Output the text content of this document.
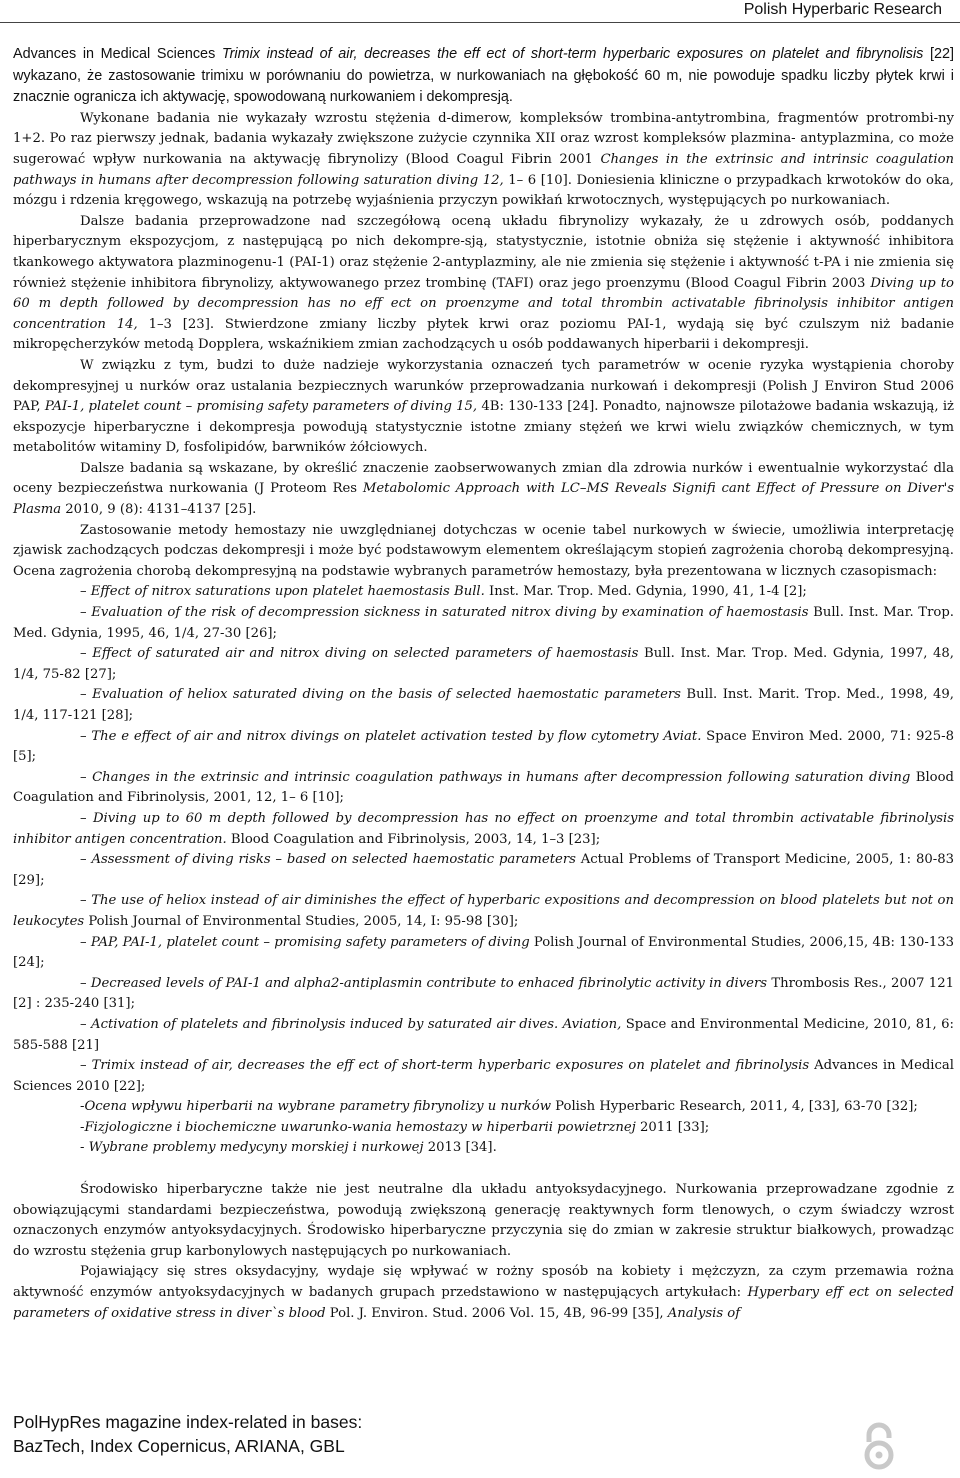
Polish Hyperbaric Research

Advances in Medical Sciences Trimix instead of air, decreases the eff ect of short-term hyperbaric exposures on platelet and fibrynolisis [22] wykazano, że zastosowanie trimixu w porównaniu do powietrza, w nurkowaniach na głębokość 60 m, nie powoduje spadku liczby płytek krwi i znacznie ogranicza ich aktywację, spowodowaną nurkowaniem i dekompresją.

Wykonane badania nie wykazały wzrostu stężenia d-dimerow, kompleksów trombina-antytrombina, fragmentów protrombi-ny 1+2. Po raz pierwszy jednak, badania wykazały zwiększone zużycie czynnika XII oraz wzrost kompleksów plazmina- antyplazmina, co może sugerować wpływ nurkowania na aktywację fibrynolizy (Blood Coagul Fibrin 2001 Changes in the extrinsic and intrinsic coagulation pathways in humans after decompression following saturation diving 12, 1– 6 [10]. Doniesienia kliniczne o przypadkach krwotoków do oka, mózgu i rdzenia kręgowego, wskazują na potrzebę wyjaśnienia przyczyn powikłań krwotocznych, występujących po nurkowaniach.

Dalsze badania przeprowadzone nad szczegółową oceną układu fibrynolizy wykazały, że u zdrowych osób, poddanych hiperbarycznym ekspozycjom, z następującą po nich dekompre-sją, statystycznie, istotnie obniża się stężenie i aktywność inhibitora tkankowego aktywatora plazminogenu-1 (PAI-1) oraz stężenie 2-antyplazminy, ale nie zmienia się stężenie i aktywność t-PA i nie zmienia się również stężenie inhibitora fibrynolizy, aktywowanego przez trombinę (TAFI) oraz jego proenzymu (Blood Coagul Fibrin 2003 Diving up to 60 m depth followed by decompression has no eff ect on proenzyme and total thrombin activatable fibrinolysis inhibitor antigen concentration 14, 1–3 [23]. Stwierdzone zmiany liczby płytek krwi oraz poziomu PAI-1, wydają się być czulszym niż badanie mikropęcherzyków metodą Dopplera, wskaźnikiem zmian zachodzących u osób poddawanych hiperbarii i dekompresji.

W związku z tym, budzi to duże nadzieje wykorzystania oznaczeń tych parametrów w ocenie ryzyka wystąpienia choroby dekompresyjnej u nurków oraz ustalania bezpiecznych warunków przeprowadzania nurkowań i dekompresji (Polish J Environ Stud 2006 PAP, PAI-1, platelet count – promising safety parameters of diving 15, 4B: 130-133 [24]. Ponadto, najnowsze pilotażowe badania wskazują, iż ekspozycje hiperbaryczne i dekompresja powodują statystycznie istotne zmiany stężeń we krwi wielu związków chemicznych, w tym metabolitów witaminy D, fosfolipidów, barwników żółciowych.

Dalsze badania są wskazane, by określić znaczenie zaobserwowanych zmian dla zdrowia nurków i ewentualnie wykorzystać dla oceny bezpieczeństwa nurkowania (J Proteom Res Metabolomic Approach with LC–MS Reveals Signifi cant Effect of Pressure on Diver's Plasma 2010, 9 (8): 4131–4137 [25].

Zastosowanie metody hemostazy nie uwzględnianej dotychczas w ocenie tabel nurkowych w świecie, umożliwia interpretację zjawisk zachodzących podczas dekompresji i może być podstawowym elementem określającym stopień zagrożenia chorobą dekompresyjną. Ocena zagrożenia chorobą dekompresyjną na podstawie wybranych parametrów hemostazy, była prezentowana w licznych czasopismach:

– Effect of nitrox saturations upon platelet haemostasis Bull. Inst. Mar. Trop. Med. Gdynia, 1990, 41, 1-4 [2];

– Evaluation of the risk of decompression sickness in saturated nitrox diving by examination of haemostasis Bull. Inst. Mar. Trop. Med. Gdynia, 1995, 46, 1/4, 27-30 [26];

– Effect of saturated air and nitrox diving on selected parameters of haemostasis Bull. Inst. Mar. Trop. Med. Gdynia, 1997, 48, 1/4, 75-82 [27];

– Evaluation of heliox saturated diving on the basis of selected haemostatic parameters Bull. Inst. Marit. Trop. Med., 1998, 49, 1/4, 117-121 [28];

– The e effect of air and nitrox divings on platelet activation tested by flow cytometry Aviat. Space Environ Med. 2000, 71: 925-8 [5];

– Changes in the extrinsic and intrinsic coagulation pathways in humans after decompression following saturation diving Blood Coagulation and Fibrinolysis, 2001, 12, 1– 6 [10];

– Diving up to 60 m depth followed by decompression has no effect on proenzyme and total thrombin activatable fibrinolysis inhibitor antigen concentration. Blood Coagulation and Fibrinolysis, 2003, 14, 1–3 [23];

– Assessment of diving risks – based on selected haemostatic parameters Actual Problems of Transport Medicine, 2005, 1: 80-83 [29];

– The use of heliox instead of air diminishes the effect of hyperbaric expositions and decompression on blood platelets but not on leukocytes Polish Journal of Environmental Studies, 2005, 14, I: 95-98 [30];

– PAP, PAI-1, platelet count – promising safety parameters of diving Polish Journal of Environmental Studies, 2006,15, 4B: 130-133 [24];

– Decreased levels of PAI-1 and alpha2-antiplasmin contribute to enhaced fibrinolytic activity in divers Thrombosis Res., 2007 121 [2] : 235-240 [31];

– Activation of platelets and fibrinolysis induced by saturated air dives. Aviation, Space and Environmental Medicine, 2010, 81, 6: 585-588 [21]

– Trimix instead of air, decreases the eff ect of short-term hyperbaric exposures on platelet and fibrinolysis Advances in Medical Sciences 2010 [22];

-Ocena wpływu hiperbarii na wybrane parametry fibrynolizy u nurków Polish Hyperbaric Research, 2011, 4, [33], 63-70 [32];

-Fizjologiczne i biochemiczne uwarunko-wania hemostazy w hiperbarii powietrznej 2011 [33];

- Wybrane problemy medycyny morskiej i nurkowej 2013 [34].

Środowisko hiperbaryczne także nie jest neutralne dla układu antyoksydacyjnego. Nurkowania przeprowadzane zgodnie z obowiązującymi standardami bezpieczeństwa, powodują zwiększoną generację reaktywnych form tlenowych, o czym świadczy wzrost oznaczonych enzymów antyoksydacyjnych. Środowisko hiperbaryczne przyczynia się do zmian w zakresie struktur białkowych, prowadząc do wzrostu stężenia grup karbonylowych następujących po nurkowaniach.

Pojawiający się stres oksydacyjny, wydaje się wpływać w rożny sposób na kobiety i mężczyzn, za czym przemawia rożna aktywność enzymów antyoksydacyjnych w badanych grupach przedstawiono w następujących artykułach: Hyperbary eff ect on selected parameters of oxidative stress in diver`s blood Pol. J. Environ. Stud. 2006 Vol. 15, 4B, 96-99 [35], Analysis of

PolHypRes magazine index-related in bases:
BazTech, Index Copernicus, ARIANA, GBL
